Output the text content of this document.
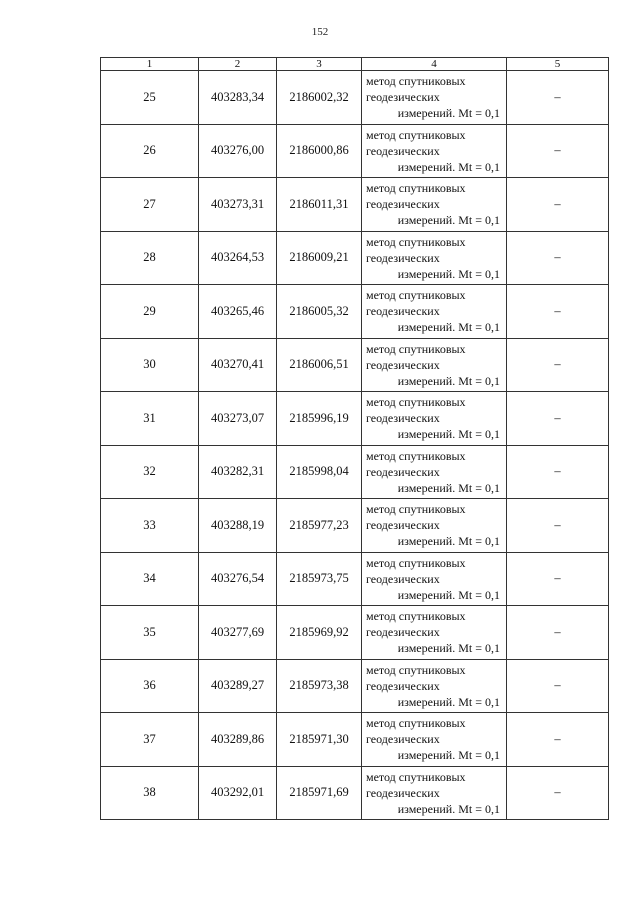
152
1	2	3	4	5
25	403283,34	2186002,32	метод спутниковых
геодезических
измерений. Mt = 0,1	–
26	403276,00	2186000,86	метод спутниковых
геодезических
измерений. Mt = 0,1	–
27	403273,31	2186011,31	метод спутниковых
геодезических
измерений. Mt = 0,1	–
28	403264,53	2186009,21	метод спутниковых
геодезических
измерений. Mt = 0,1	–
29	403265,46	2186005,32	метод спутниковых
геодезических
измерений. Mt = 0,1	–
30	403270,41	2186006,51	метод спутниковых
геодезических
измерений. Mt = 0,1	–
31	403273,07	2185996,19	метод спутниковых
геодезических
измерений. Mt = 0,1	–
32	403282,31	2185998,04	метод спутниковых
геодезических
измерений. Mt = 0,1	–
33	403288,19	2185977,23	метод спутниковых
геодезических
измерений. Mt = 0,1	–
34	403276,54	2185973,75	метод спутниковых
геодезических
измерений. Mt = 0,1	–
35	403277,69	2185969,92	метод спутниковых
геодезических
измерений. Mt = 0,1	–
36	403289,27	2185973,38	метод спутниковых
геодезических
измерений. Mt = 0,1	–
37	403289,86	2185971,30	метод спутниковых
геодезических
измерений. Mt = 0,1	–
38	403292,01	2185971,69	метод спутниковых
геодезических
измерений. Mt = 0,1	–
